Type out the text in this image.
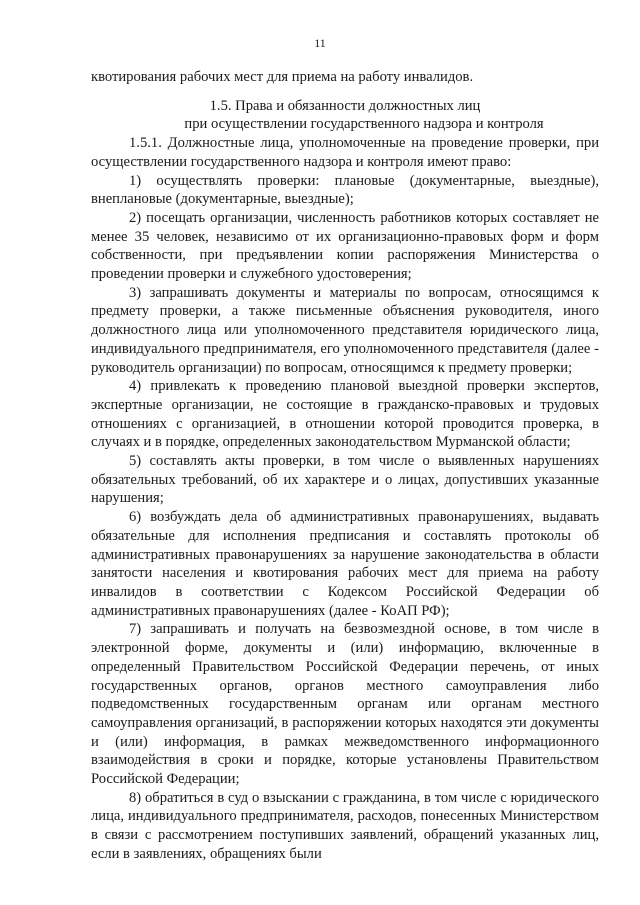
11

квотирования рабочих мест для приема на работу инвалидов.

1.5. Права и обязанности должностных лиц
при осуществлении государственного надзора и контроля

1.5.1. Должностные лица, уполномоченные на проведение проверки, при осуществлении государственного надзора и контроля имеют право:

1) осуществлять проверки: плановые (документарные, выездные), внеплановые (документарные, выездные);

2) посещать организации, численность работников которых составляет не менее 35 человек, независимо от их организационно-правовых форм и форм собственности, при предъявлении копии распоряжения Министерства о проведении проверки и служебного удостоверения;

3) запрашивать документы и материалы по вопросам, относящимся к предмету проверки, а также письменные объяснения руководителя, иного должностного лица или уполномоченного представителя юридического лица, индивидуального предпринимателя, его уполномоченного представителя (далее - руководитель организации) по вопросам, относящимся к предмету проверки;

4) привлекать к проведению плановой выездной проверки экспертов, экспертные организации, не состоящие в гражданско-правовых и трудовых отношениях с организацией, в отношении которой проводится проверка, в случаях и в порядке, определенных законодательством Мурманской области;

5) составлять акты проверки, в том числе о выявленных нарушениях обязательных требований, об их характере и о лицах, допустивших указанные нарушения;

6) возбуждать дела об административных правонарушениях, выдавать обязательные для исполнения предписания и составлять протоколы об административных правонарушениях за нарушение законодательства в области занятости населения и квотирования рабочих мест для приема на работу инвалидов в соответствии с Кодексом Российской Федерации об административных правонарушениях (далее - КоАП РФ);

7) запрашивать и получать на безвозмездной основе, в том числе в электронной форме, документы и (или) информацию, включенные в определенный Правительством Российской Федерации перечень, от иных государственных органов, органов местного самоуправления либо подведомственных государственным органам или органам местного самоуправления организаций, в распоряжении которых находятся эти документы и (или) информация, в рамках межведомственного информационного взаимодействия в сроки и порядке, которые установлены Правительством Российской Федерации;

8) обратиться в суд о взыскании с гражданина, в том числе с юридического лица, индивидуального предпринимателя, расходов, понесенных Министерством в связи с рассмотрением поступивших заявлений, обращений указанных лиц, если в заявлениях, обращениях были
